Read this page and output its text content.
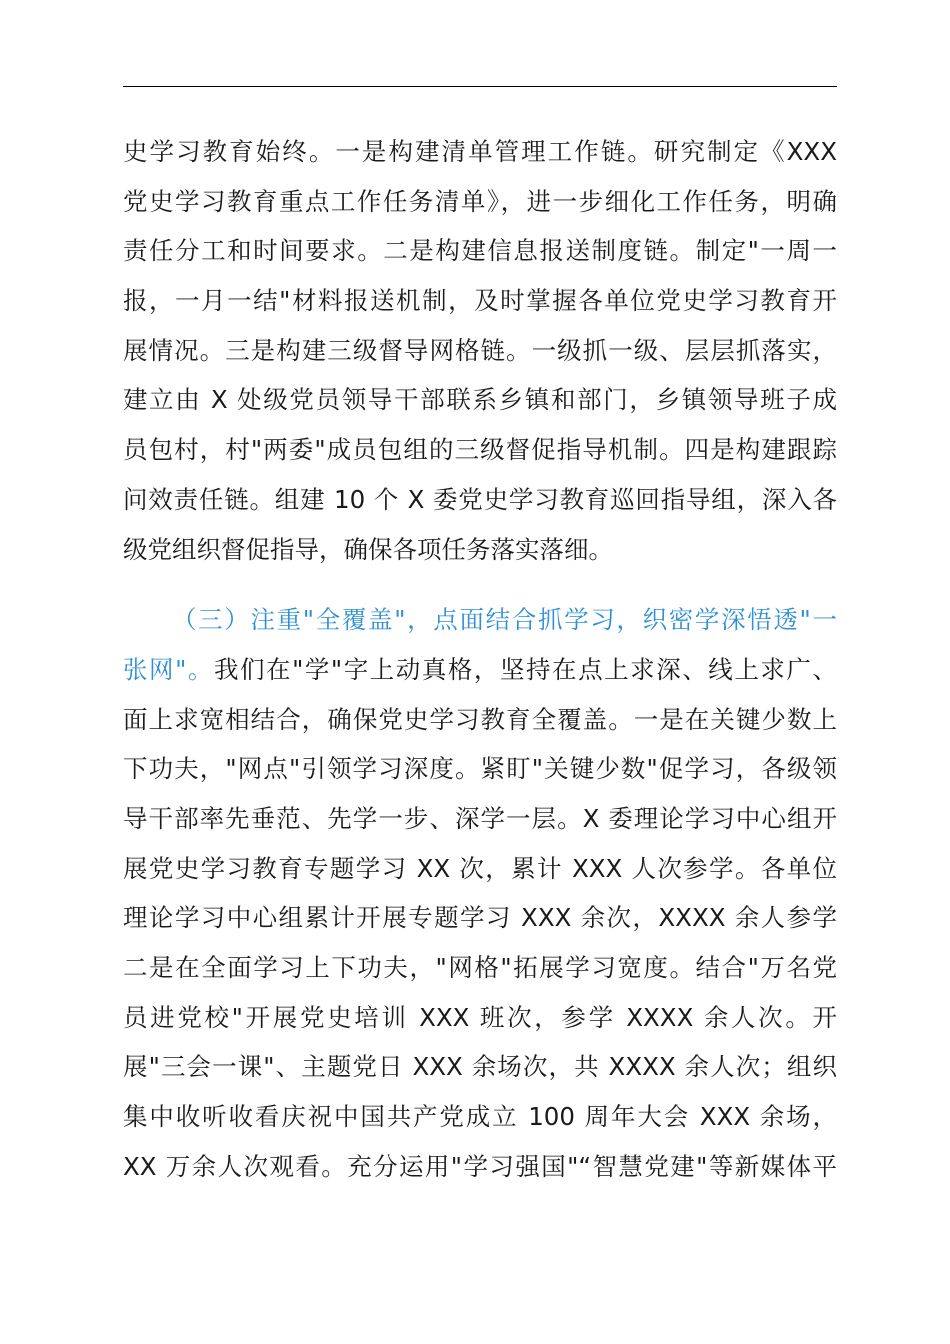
史学习教育始终。一是构建清单管理工作链。研究制定《XXX
党史学习教育重点工作任务清单》，进一步细化工作任务，明确
责任分工和时间要求。二是构建信息报送制度链。制定"一周一
报，一月一结"材料报送机制，及时掌握各单位党史学习教育开
展情况。三是构建三级督导网格链。一级抓一级、层层抓落实，
建立由 X 处级党员领导干部联系乡镇和部门，乡镇领导班子成
员包村，村"两委"成员包组的三级督促指导机制。四是构建跟踪
问效责任链。组建 10 个 X 委党史学习教育巡回指导组，深入各
级党组织督促指导，确保各项任务落实落细。
（三）注重"全覆盖"，点面结合抓学习，织密学深悟透"一
张网"。我们在"学"字上动真格，坚持在点上求深、线上求广、
面上求宽相结合，确保党史学习教育全覆盖。一是在关键少数上
下功夫，"网点"引领学习深度。紧盯"关键少数"促学习，各级领
导干部率先垂范、先学一步、深学一层。X 委理论学习中心组开
展党史学习教育专题学习 XX 次，累计 XXX 人次参学。各单位
理论学习中心组累计开展专题学习 XXX 余次，XXXX 余人参学
二是在全面学习上下功夫，"网格"拓展学习宽度。结合"万名党
员进党校"开展党史培训 XXX 班次，参学 XXXX 余人次。开
展"三会一课"、主题党日 XXX 余场次，共 XXXX 余人次；组织
集中收听收看庆祝中国共产党成立 100 周年大会 XXX 余场，
XX 万余人次观看。充分运用"学习强国"“智慧党建"等新媒体平
